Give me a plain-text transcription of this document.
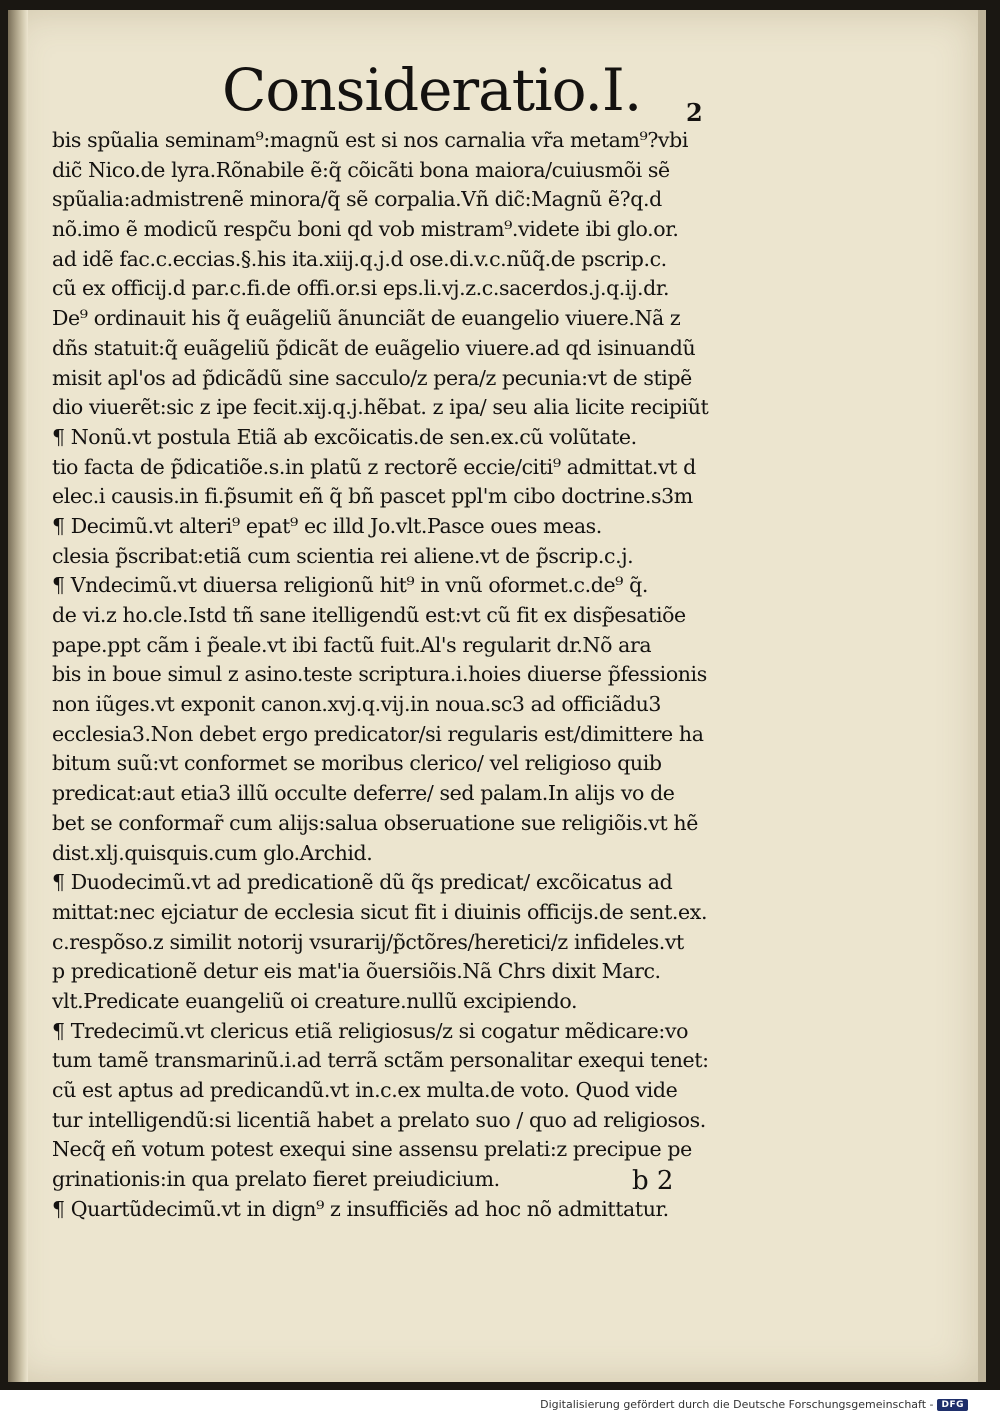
Consideratio.I. 2
bis spũalia seminam⁹:magnũ est si nos carnalia vr̃a metam⁹?vbi
dic̃ Nico.de lyra.Rõnabile ẽ:q̃ cõicãti bona maiora/cuiusmõi sẽ
spũalia:admistrenẽ minora/q̃ sẽ corpalia.Vñ dic̃:Magnũ ẽ?q.d
nõ.imo ẽ modicũ respc̃u boni qd vob mistram⁹.videte ibi glo.or.
ad idẽ fac.c.eccias.§.his ita.xiij.q.j.d ose.di.v.c.nũq̃.de pscrip.c.
cũ ex officij.d par.c.fi.de offi.or.si eps.li.vj.z.c.sacerdos.j.q.ij.dr.
De⁹ ordinauit his q̃ euãgeliũ ãnunciãt de euangelio viuere.Nã z
dñs statuit:q̃ euãgeliũ p̃dicãt de euãgelio viuere.ad qd isinuandũ
misit apl'os ad p̃dicãdũ sine sacculo/z pera/z pecunia:vt de stipẽ
dio viuerẽt:sic z ipe fecit.xij.q.j.hẽbat. z ipa/ seu alia licite recipiũt
¶ Nonũ.vt postula Etiã ab excõicatis.de sen.ex.cũ volũtate.
tio facta de p̃dicatiõe.s.in platũ z rectorẽ eccie/citi⁹ admittat.vt d
elec.i causis.in fi.p̃sumit eñ q̃ bñ pascet ppl'm cibo doctrine.s3m
¶ Decimũ.vt alteri⁹ epat⁹ ec illd Jo.vlt.Pasce oues meas.
clesia p̃scribat:etiã cum scientia rei aliene.vt de p̃scrip.c.j.
¶ Vndecimũ.vt diuersa religionũ hit⁹ in vnũ oformet.c.de⁹ q̃.
de vi.z ho.cle.Istd tñ sane itelligendũ est:vt cũ fit ex disp̃esatiõe
pape.ppt cãm i p̃eale.vt ibi factũ fuit.Al's regularit dr.Nõ ara
bis in boue simul z asino.teste scriptura.i.hoies diuerse p̃fessionis
non iũges.vt exponit canon.xvj.q.vij.in noua.sc3 ad officiãdu3
ecclesia3.Non debet ergo predicator/si regularis est/dimittere ha
bitum suũ:vt conformet se moribus clerico/ vel religioso quib
predicat:aut etia3 illũ occulte deferre/ sed palam.In alijs vo de
bet se conformar̃ cum alijs:salua obseruatione sue religiõis.vt hẽ
dist.xlj.quisquis.cum glo.Archid.
¶ Duodecimũ.vt ad predicationẽ dũ q̃s predicat/ excõicatus ad
mittat:nec ejciatur de ecclesia sicut fit i diuinis officijs.de sent.ex.
c.respõso.z similit notorij vsurarij/p̃ctõres/heretici/z infideles.vt
p predicationẽ detur eis mat'ia õuersiõis.Nã Chrs dixit Marc.
vlt.Predicate euangeliũ oi creature.nullũ excipiendo.
¶ Tredecimũ.vt clericus etiã religiosus/z si cogatur mẽdicare:vo
tum tamẽ transmarinũ.i.ad terrã sctãm personalitar exequi tenet:
cũ est aptus ad predicandũ.vt in.c.ex multa.de voto. Quod vide
tur intelligendũ:si licentiã habet a prelato suo / quo ad religiosos.
Necq̃ eñ votum potest exequi sine assensu prelati:z precipue pe
grinationis:in qua prelato fieret preiudicium.
¶ Quartũdecimũ.vt in dign⁹ z insufficiẽs ad hoc nõ admittatur.
b 2
Digitalisierung gefördert durch die Deutsche Forschungsgemeinschaft - DFG
